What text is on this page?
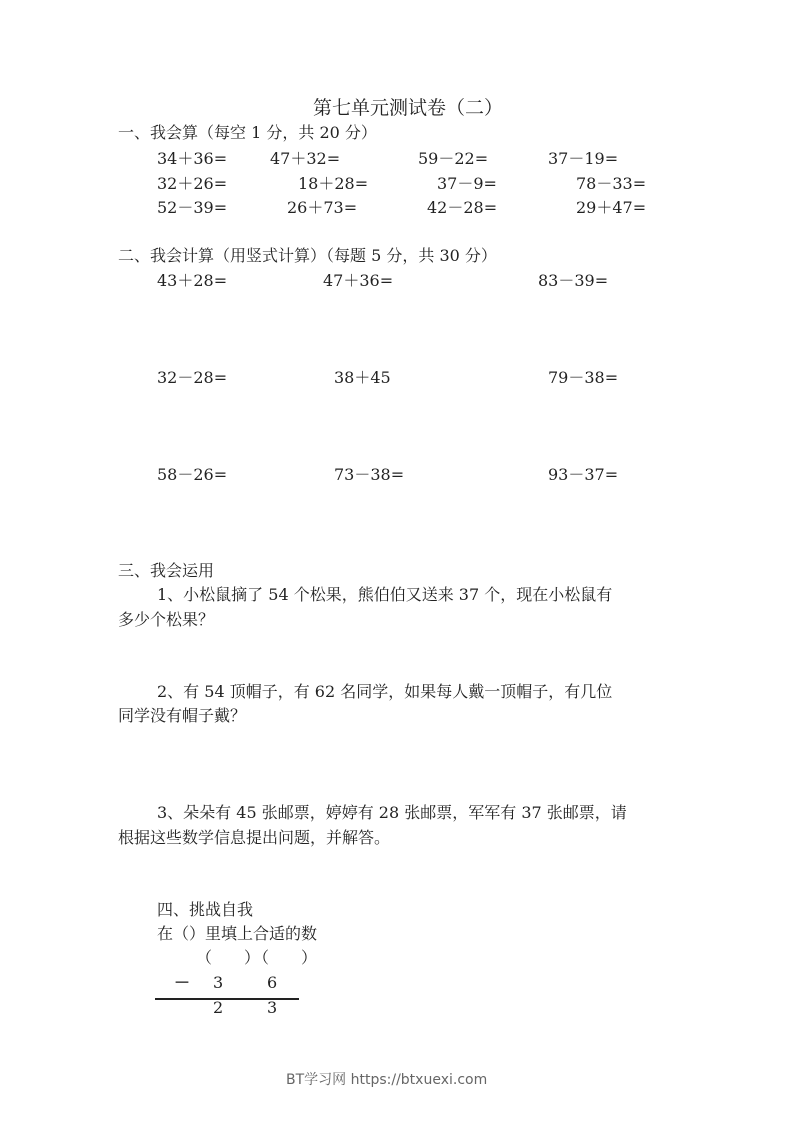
第七单元测试卷（二）
一、我会算（每空 1 分，共 20 分）
34＋36=	47＋32=	59－22=	37－19=
32＋26=	18＋28=	37－9=	78－33=
52－39=	26＋73=	42－28=	29＋47=
二、我会计算（用竖式计算）（每题 5 分，共 30 分）
43＋28=	47＋36=	83－39=
32－28=	38＋45	79－38=
58－26=	73－38=	93－37=
三、我会运用
1、小松鼠摘了 54 个松果，熊伯伯又送来 37 个，现在小松鼠有
多少个松果？
2、有 54 顶帽子，有 62 名同学，如果每人戴一顶帽子，有几位
同学没有帽子戴？
3、朵朵有 45 张邮票，婷婷有 28 张邮票，军军有 37 张邮票，请
根据这些数学信息提出问题，并解答。
四、挑战自我
在（）里填上合适的数
（　　）
（　　）
－ 3	6
2	3
BT学习网 https://btxuexi.com
